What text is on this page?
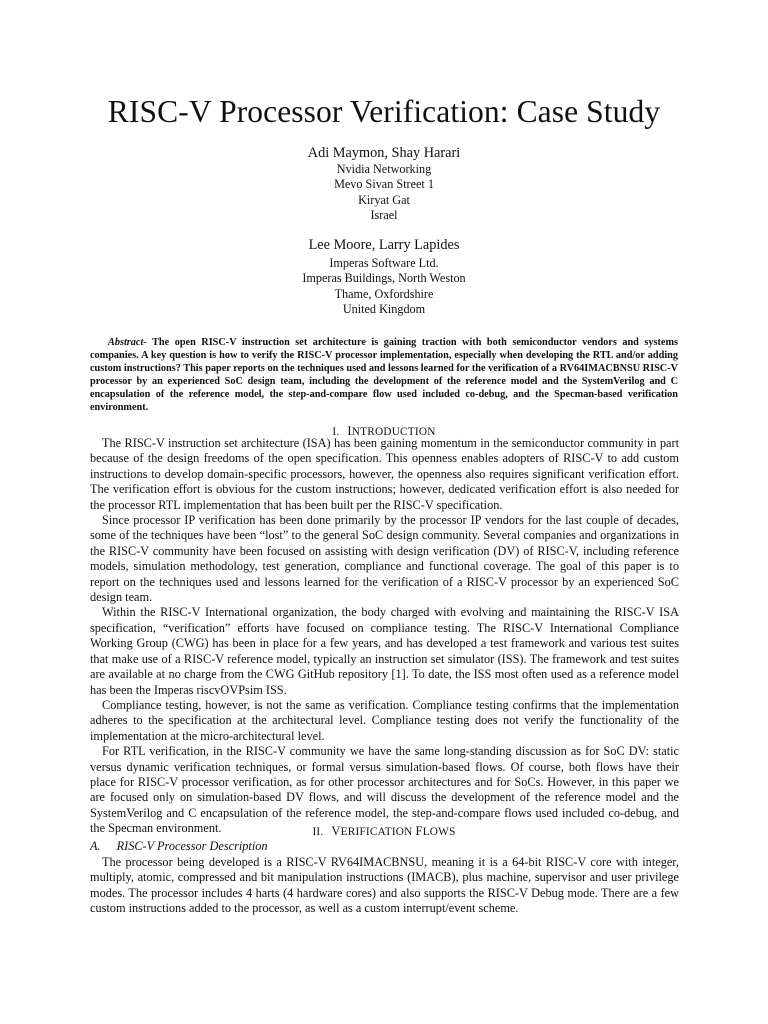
RISC-V Processor Verification: Case Study
Adi Maymon, Shay Harari
Nvidia Networking
Mevo Sivan Street 1
Kiryat Gat
Israel
Lee Moore, Larry Lapides
Imperas Software Ltd.
Imperas Buildings, North Weston
Thame, Oxfordshire
United Kingdom
Abstract- The open RISC-V instruction set architecture is gaining traction with both semiconductor vendors and systems companies. A key question is how to verify the RISC-V processor implementation, especially when developing the RTL and/or adding custom instructions? This paper reports on the techniques used and lessons learned for the verification of a RV64IMACBNSU RISC-V processor by an experienced SoC design team, including the development of the reference model and the SystemVerilog and C encapsulation of the reference model, the step-and-compare flow used included co-debug, and the Specman-based verification environment.
I. INTRODUCTION

The RISC-V instruction set architecture (ISA) has been gaining momentum in the semiconductor community in part because of the design freedoms of the open specification. This openness enables adopters of RISC-V to add custom instructions to develop domain-specific processors, however, the openness also requires significant verification effort. The verification effort is obvious for the custom instructions; however, dedicated verification effort is also needed for the processor RTL implementation that has been built per the RISC-V specification.

Since processor IP verification has been done primarily by the processor IP vendors for the last couple of decades, some of the techniques have been “lost” to the general SoC design community. Several companies and organizations in the RISC-V community have been focused on assisting with design verification (DV) of RISC-V, including reference models, simulation methodology, test generation, compliance and functional coverage. The goal of this paper is to report on the techniques used and lessons learned for the verification of a RISC-V processor by an experienced SoC design team.

Within the RISC-V International organization, the body charged with evolving and maintaining the RISC-V ISA specification, “verification” efforts have focused on compliance testing. The RISC-V International Compliance Working Group (CWG) has been in place for a few years, and has developed a test framework and various test suites that make use of a RISC-V reference model, typically an instruction set simulator (ISS). The framework and test suites are available at no charge from the CWG GitHub repository [1]. To date, the ISS most often used as a reference model has been the Imperas riscvOVPsim ISS.

Compliance testing, however, is not the same as verification. Compliance testing confirms that the implementation adheres to the specification at the architectural level. Compliance testing does not verify the functionality of the implementation at the micro-architectural level.

For RTL verification, in the RISC-V community we have the same long-standing discussion as for SoC DV: static versus dynamic verification techniques, or formal versus simulation-based flows. Of course, both flows have their place for RISC-V processor verification, as for other processor architectures and for SoCs. However, in this paper we are focused only on simulation-based DV flows, and will discuss the development of the reference model and the SystemVerilog and C encapsulation of the reference model, the step-and-compare flows used included co-debug, and the Specman environment.	II. VERIFICATION FLOWS
A. RISC-V Processor Description

The processor being developed is a RISC-V RV64IMACBNSU, meaning it is a 64-bit RISC-V core with integer, multiply, atomic, compressed and bit manipulation instructions (IMACB), plus machine, supervisor and user privilege modes. The processor includes 4 harts (4 hardware cores) and also supports the RISC-V Debug mode. There are a few custom instructions added to the processor, as well as a custom interrupt/event scheme.
